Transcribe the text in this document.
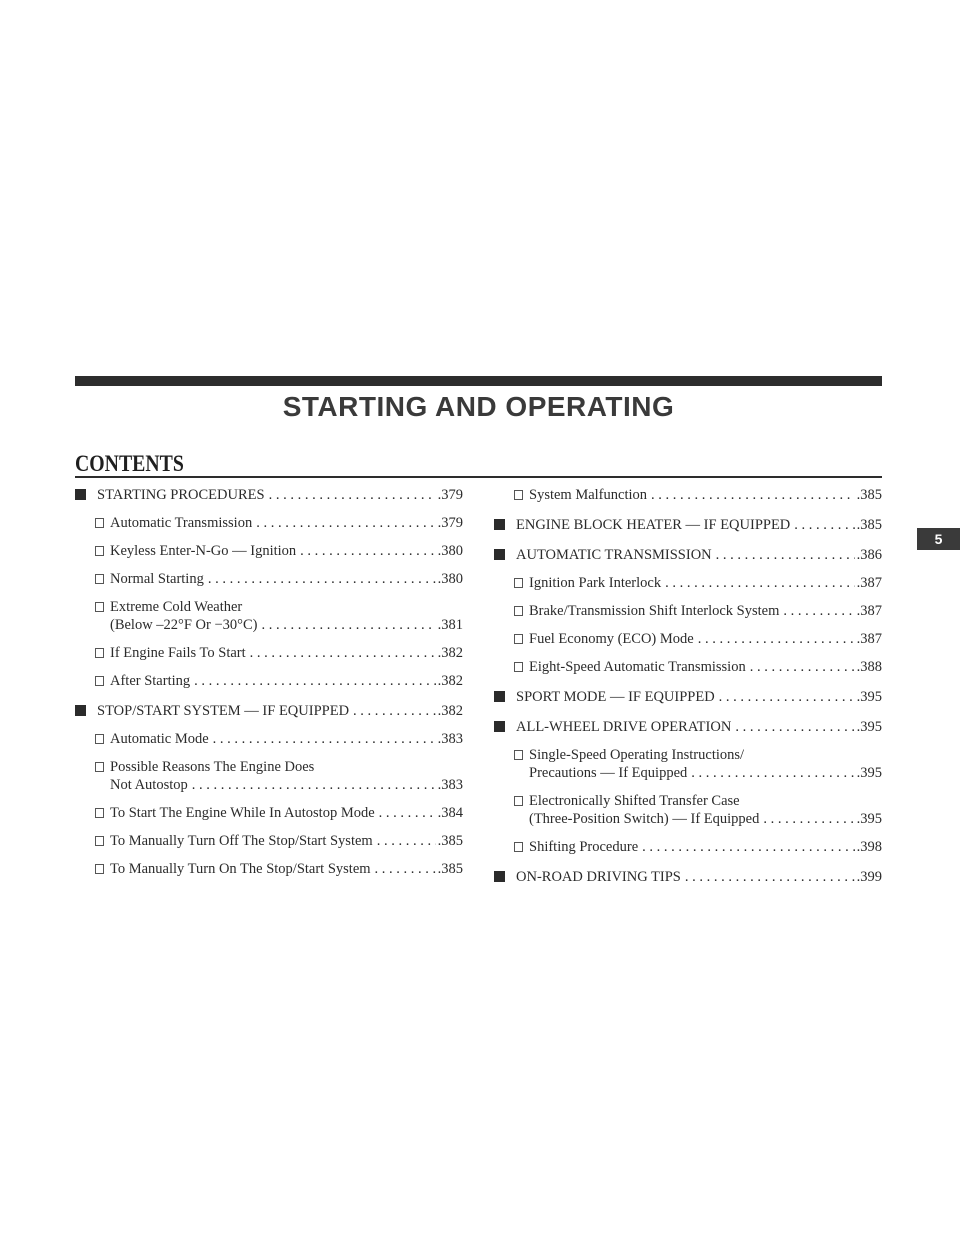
STARTING AND OPERATING
CONTENTS
5
STARTING PROCEDURES . . .	.379
Automatic Transmission . . .	.379
Keyless Enter-N-Go — Ignition . . .	.380
Normal Starting . . .	.380
Extreme Cold Weather
(Below –22°F Or −30°C) . . .	.381
If Engine Fails To Start . . .	.382
After Starting . . .	.382
STOP/START SYSTEM — IF EQUIPPED . . .	.382
Automatic Mode . . .	.383
Possible Reasons The Engine Does
Not Autostop . . .	.383
To Start The Engine While In Autostop Mode . . .	.384
To Manually Turn Off The Stop/Start System . . .	.385
To Manually Turn On The Stop/Start System . . .	.385
System Malfunction . . .	.385
ENGINE BLOCK HEATER — IF EQUIPPED . . .	.385
AUTOMATIC TRANSMISSION . . .	.386
Ignition Park Interlock . . .	.387
Brake/Transmission Shift Interlock System . . .	.387
Fuel Economy (ECO) Mode . . .	.387
Eight-Speed Automatic Transmission . . .	.388
SPORT MODE — IF EQUIPPED . . .	.395
ALL-WHEEL DRIVE OPERATION . . .	.395
Single-Speed Operating Instructions/
Precautions — If Equipped . . .	.395
Electronically Shifted Transfer Case
(Three-Position Switch) — If Equipped . . .	.395
Shifting Procedure . . .	.398
ON-ROAD DRIVING TIPS . . .	.399
